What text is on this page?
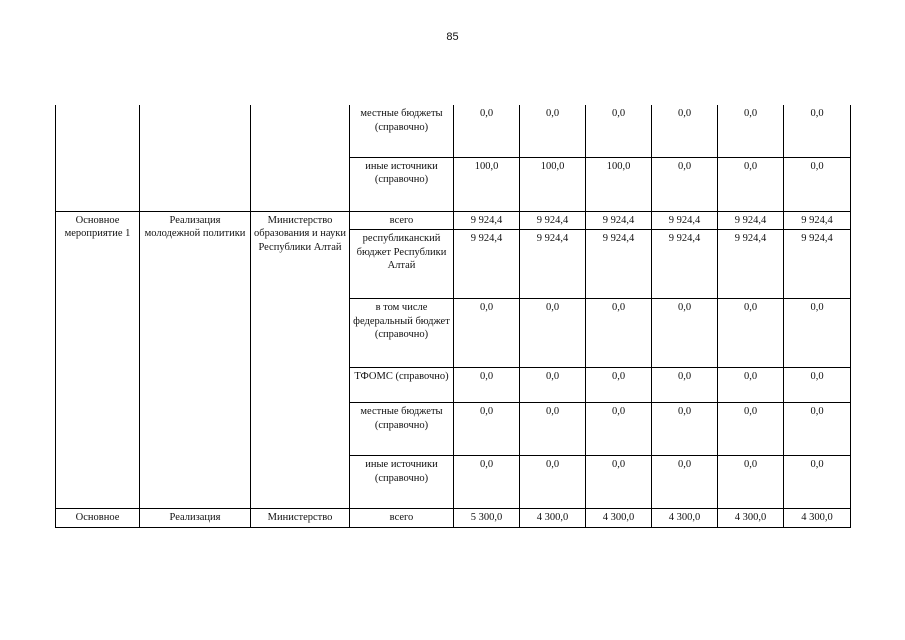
85
			местные бюджеты (справочно)	0,0	0,0	0,0	0,0	0,0	0,0
			иные источники (справочно)	100,0	100,0	100,0	0,0	0,0	0,0
Основное мероприятие 1	Реализация молодежной политики	Министерство образования и науки Республики Алтай	всего	9 924,4	9 924,4	9 924,4	9 924,4	9 924,4	9 924,4
			республиканский бюджет Республики Алтай	9 924,4	9 924,4	9 924,4	9 924,4	9 924,4	9 924,4
			в том числе федеральный бюджет (справочно)	0,0	0,0	0,0	0,0	0,0	0,0
			ТФОМС (справочно)	0,0	0,0	0,0	0,0	0,0	0,0
			местные бюджеты (справочно)	0,0	0,0	0,0	0,0	0,0	0,0
			иные источники (справочно)	0,0	0,0	0,0	0,0	0,0	0,0
Основное	Реализация	Министерство	всего	5 300,0	4 300,0	4 300,0	4 300,0	4 300,0	4 300,0
